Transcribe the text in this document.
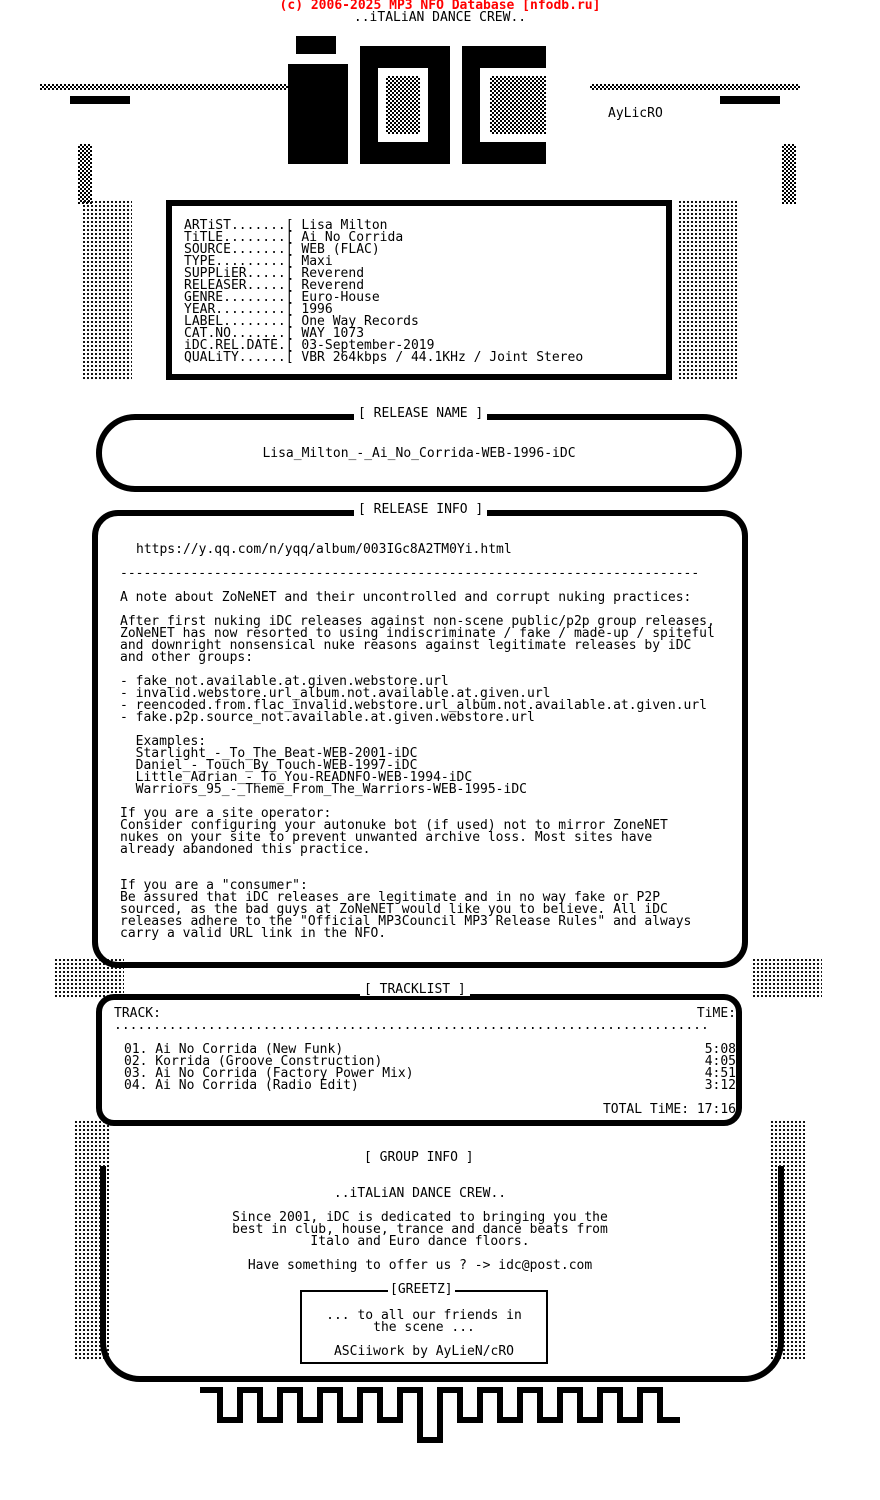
(c) 2006-2025 MP3 NFO Database [nfodb.ru]
..iTALiAN DANCE CREW..
AyLicRO
ARTiST.......[ Lisa Milton
TiTLE........[ Ai No Corrida
SOURCE.......[ WEB (FLAC)
TYPE.........[ Maxi
SUPPLiER.....[ Reverend
RELEASER.....[ Reverend
GENRE........[ Euro-House
YEAR.........[ 1996
LABEL........[ One Way Records
CAT.NO.......[ WAY 1073
iDC.REL.DATE.[ 03-September-2019
QUALiTY......[ VBR 264kbps / 44.1KHz / Joint Stereo
Lisa_Milton_-_Ai_No_Corrida-WEB-1996-iDC
[ RELEASE NAME ]
https://y.qq.com/n/yqq/album/003IGc8A2TM0Yi.html
--------------------------------------------------------------------------
A note about ZoNeNET and their uncontrolled and corrupt nuking practices:
After first nuking iDC releases against non-scene public/p2p group releases,
ZoNeNET has now resorted to using indiscriminate / fake / made-up / spiteful
and downright nonsensical nuke reasons against legitimate releases by iDC
and other groups:
- fake_not.available.at.given.webstore.url
- invalid.webstore.url_album.not.available.at.given.url
- reencoded.from.flac_invalid.webstore.url_album.not.available.at.given.url
- fake.p2p.source_not.available.at.given.webstore.url
Examples:
Starlight_-_To_The_Beat-WEB-2001-iDC
Daniel_-_Touch_By_Touch-WEB-1997-iDC
Little_Adrian_-_To_You-READNFO-WEB-1994-iDC
Warriors_95_-_Theme_From_The_Warriors-WEB-1995-iDC
If you are a site operator:
Consider configuring your autonuke bot (if used) not to mirror ZoneNET
nukes on your site to prevent unwanted archive loss. Most sites have
already abandoned this practice.
If you are a "consumer":
Be assured that iDC releases are legitimate and in no way fake or P2P
sourced, as the bad guys at ZoNeNET would like you to believe. All iDC
releases adhere to the "Official MP3Council MP3 Release Rules" and always
carry a valid URL link in the NFO.
[ RELEASE INFO ]
TRACK:	TiME:
............................................................................
01. Ai No Corrida (New Funk)	5:08
02. Korrida (Groove Construction)	4:05
03. Ai No Corrida (Factory Power Mix)	4:51
04. Ai No Corrida (Radio Edit)	3:12
TOTAL TiME: 17:16
[ TRACKLIST ]
[ GROUP INFO ]
..iTALiAN DANCE CREW..
Since 2001, iDC is dedicated to bringing you the
best in club, house, trance and dance beats from
Italo and Euro dance floors.
Have something to offer us ? -> idc@post.com
... to all our friends in
the scene ...
ASCiiwork by AyLieN/cRO
[GREETZ]
